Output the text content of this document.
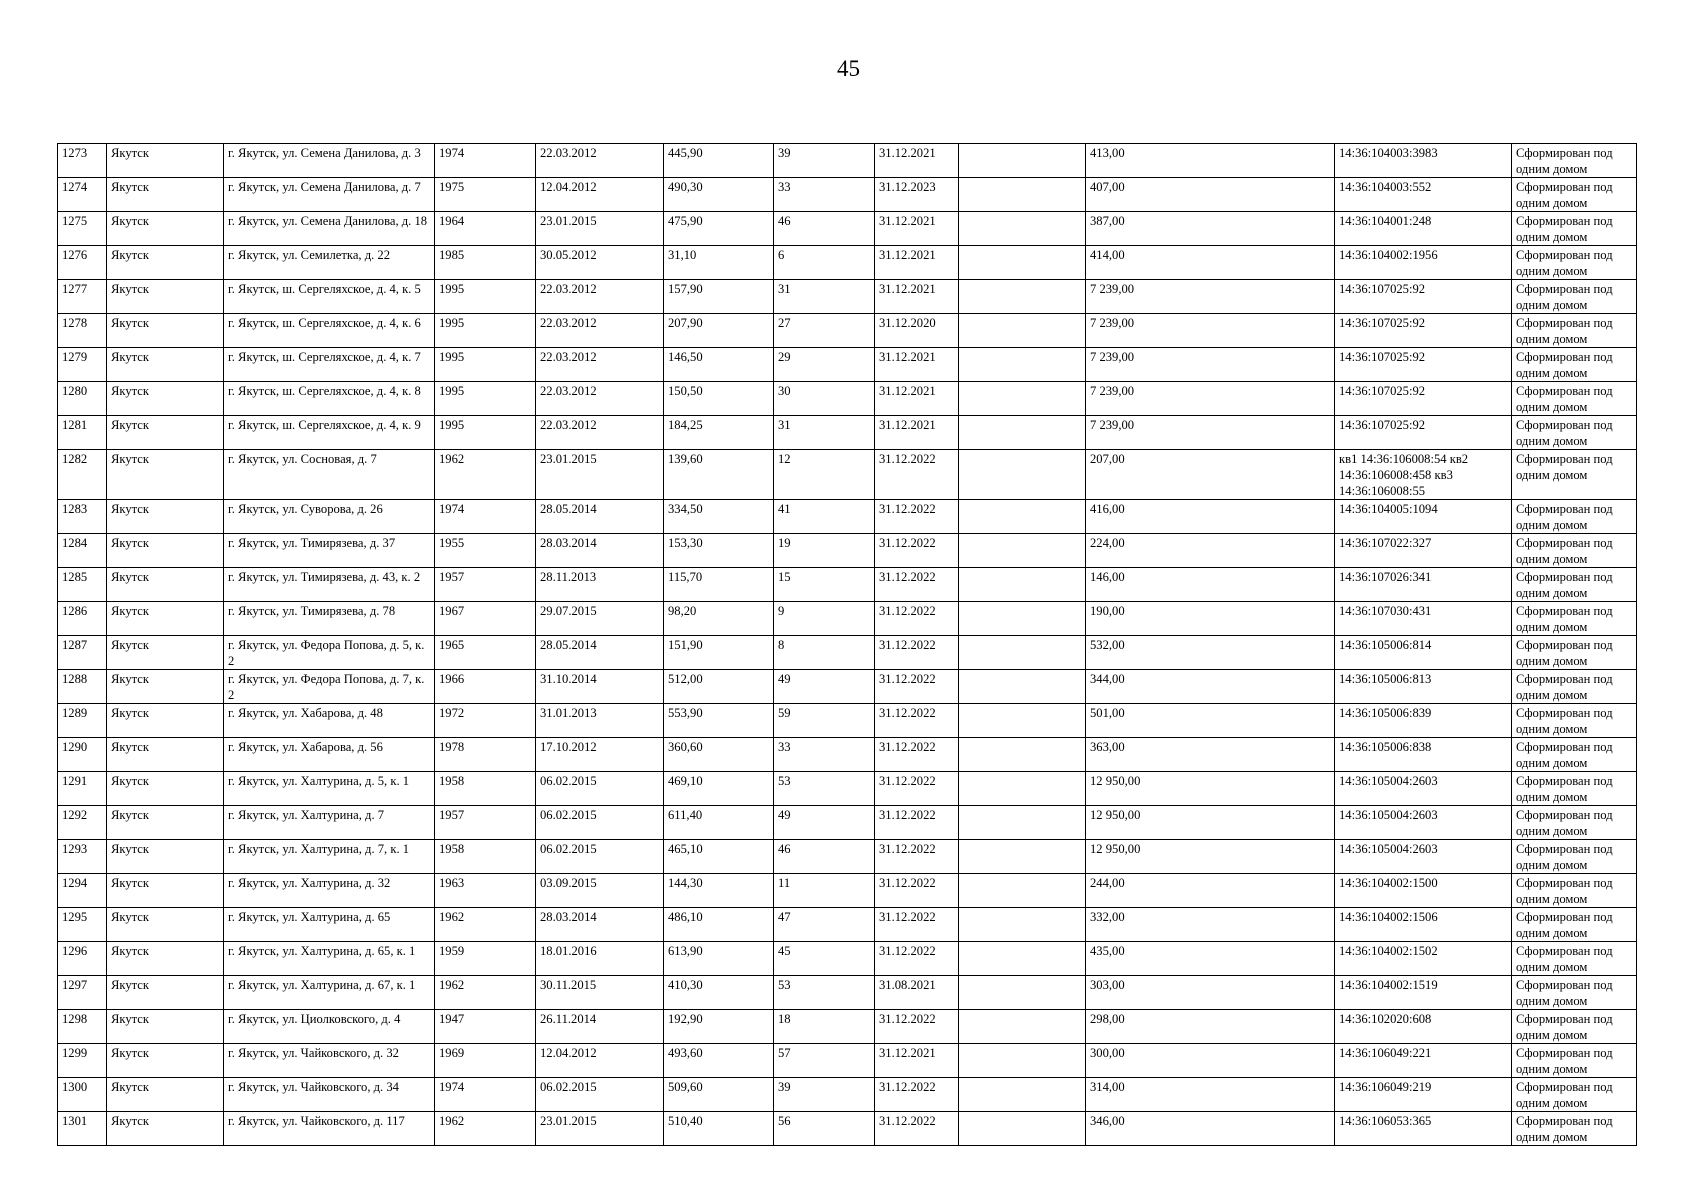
45
1273	Якутск	г. Якутск, ул. Семена Данилова, д. 3	1974	22.03.2012	445,90	39	31.12.2021		413,00	14:36:104003:3983	Сформирован под одним домом
1274	Якутск	г. Якутск, ул. Семена Данилова, д. 7	1975	12.04.2012	490,30	33	31.12.2023		407,00	14:36:104003:552	Сформирован под одним домом
1275	Якутск	г. Якутск, ул. Семена Данилова, д. 18	1964	23.01.2015	475,90	46	31.12.2021		387,00	14:36:104001:248	Сформирован под одним домом
1276	Якутск	г. Якутск, ул. Семилетка, д. 22	1985	30.05.2012	31,10	6	31.12.2021		414,00	14:36:104002:1956	Сформирован под одним домом
1277	Якутск	г. Якутск, ш. Сергеляхское, д. 4, к. 5	1995	22.03.2012	157,90	31	31.12.2021		7 239,00	14:36:107025:92	Сформирован под одним домом
1278	Якутск	г. Якутск, ш. Сергеляхское, д. 4, к. 6	1995	22.03.2012	207,90	27	31.12.2020		7 239,00	14:36:107025:92	Сформирован под одним домом
1279	Якутск	г. Якутск, ш. Сергеляхское, д. 4, к. 7	1995	22.03.2012	146,50	29	31.12.2021		7 239,00	14:36:107025:92	Сформирован под одним домом
1280	Якутск	г. Якутск, ш. Сергеляхское, д. 4, к. 8	1995	22.03.2012	150,50	30	31.12.2021		7 239,00	14:36:107025:92	Сформирован под одним домом
1281	Якутск	г. Якутск, ш. Сергеляхское, д. 4, к. 9	1995	22.03.2012	184,25	31	31.12.2021		7 239,00	14:36:107025:92	Сформирован под одним домом
1282	Якутск	г. Якутск, ул. Сосновая, д. 7	1962	23.01.2015	139,60	12	31.12.2022		207,00	кв1 14:36:106008:54 кв2 14:36:106008:458 кв3 14:36:106008:55	Сформирован под одним домом
1283	Якутск	г. Якутск, ул. Суворова, д. 26	1974	28.05.2014	334,50	41	31.12.2022		416,00	14:36:104005:1094	Сформирован под одним домом
1284	Якутск	г. Якутск, ул. Тимирязева, д. 37	1955	28.03.2014	153,30	19	31.12.2022		224,00	14:36:107022:327	Сформирован под одним домом
1285	Якутск	г. Якутск, ул. Тимирязева, д. 43, к. 2	1957	28.11.2013	115,70	15	31.12.2022		146,00	14:36:107026:341	Сформирован под одним домом
1286	Якутск	г. Якутск, ул. Тимирязева, д. 78	1967	29.07.2015	98,20	9	31.12.2022		190,00	14:36:107030:431	Сформирован под одним домом
1287	Якутск	г. Якутск, ул. Федора Попова, д. 5, к. 2	1965	28.05.2014	151,90	8	31.12.2022		532,00	14:36:105006:814	Сформирован под одним домом
1288	Якутск	г. Якутск, ул. Федора Попова, д. 7, к. 2	1966	31.10.2014	512,00	49	31.12.2022		344,00	14:36:105006:813	Сформирован под одним домом
1289	Якутск	г. Якутск, ул. Хабарова, д. 48	1972	31.01.2013	553,90	59	31.12.2022		501,00	14:36:105006:839	Сформирован под одним домом
1290	Якутск	г. Якутск, ул. Хабарова, д. 56	1978	17.10.2012	360,60	33	31.12.2022		363,00	14:36:105006:838	Сформирован под одним домом
1291	Якутск	г. Якутск, ул. Халтурина, д. 5, к. 1	1958	06.02.2015	469,10	53	31.12.2022		12 950,00	14:36:105004:2603	Сформирован под одним домом
1292	Якутск	г. Якутск, ул. Халтурина, д. 7	1957	06.02.2015	611,40	49	31.12.2022		12 950,00	14:36:105004:2603	Сформирован под одним домом
1293	Якутск	г. Якутск, ул. Халтурина, д. 7, к. 1	1958	06.02.2015	465,10	46	31.12.2022		12 950,00	14:36:105004:2603	Сформирован под одним домом
1294	Якутск	г. Якутск, ул. Халтурина, д. 32	1963	03.09.2015	144,30	11	31.12.2022		244,00	14:36:104002:1500	Сформирован под одним домом
1295	Якутск	г. Якутск, ул. Халтурина, д. 65	1962	28.03.2014	486,10	47	31.12.2022		332,00	14:36:104002:1506	Сформирован под одним домом
1296	Якутск	г. Якутск, ул. Халтурина, д. 65, к. 1	1959	18.01.2016	613,90	45	31.12.2022		435,00	14:36:104002:1502	Сформирован под одним домом
1297	Якутск	г. Якутск, ул. Халтурина, д. 67, к. 1	1962	30.11.2015	410,30	53	31.08.2021		303,00	14:36:104002:1519	Сформирован под одним домом
1298	Якутск	г. Якутск, ул. Циолковского, д. 4	1947	26.11.2014	192,90	18	31.12.2022		298,00	14:36:102020:608	Сформирован под одним домом
1299	Якутск	г. Якутск, ул. Чайковского, д. 32	1969	12.04.2012	493,60	57	31.12.2021		300,00	14:36:106049:221	Сформирован под одним домом
1300	Якутск	г. Якутск, ул. Чайковского, д. 34	1974	06.02.2015	509,60	39	31.12.2022		314,00	14:36:106049:219	Сформирован под одним домом
1301	Якутск	г. Якутск, ул. Чайковского, д. 117	1962	23.01.2015	510,40	56	31.12.2022		346,00	14:36:106053:365	Сформирован под одним домом
